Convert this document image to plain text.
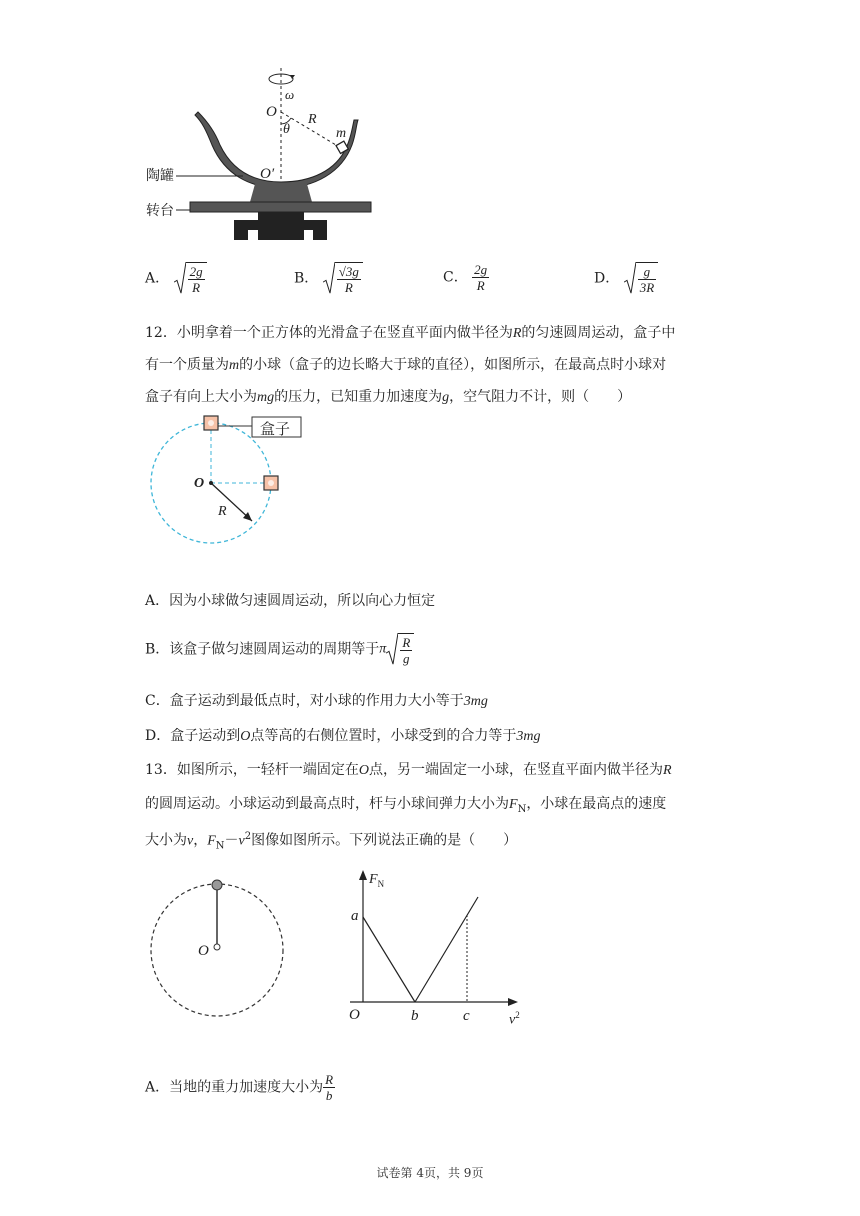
ω
O
θ
R
m
O′
陶罐
转台
A． $\frac{2g}{R}$	B． $\frac{√3g}{R}$	C． $\frac{2g}{R}$	D． $\frac{g}{3R}$
12．小明拿着一个正方体的光滑盒子在竖直平面内做半径为R的匀速圆周运动，盒子中
有一个质量为m的小球（盒子的边长略大于球的直径），如图所示，在最高点时小球对
盒子有向上大小为mg的压力，已知重力加速度为g，空气阻力不计，则（　　）
盒子
O
R
A．因为小球做匀速圆周运动，所以向心力恒定
B．该盒子做匀速圆周运动的周期等于π $\frac{R}{g}$
C．盒子运动到最低点时，对小球的作用力大小等于3mg
D．盒子运动到O点等高的右侧位置时，小球受到的合力等于3mg
13．如图所示，一轻杆一端固定在O点，另一端固定一小球，在竖直平面内做半径为R
的圆周运动。小球运动到最高点时，杆与小球间弹力大小为$F_N$，小球在最高点的速度
大小为v，$F_N-v^2$图像如图所示。下列说法正确的是（　　）
O
$F_N$
a
O	b	c	$v^2$
A．当地的重力加速度大小为 $\frac{R}{b}$
试卷第 4页，共 9页
